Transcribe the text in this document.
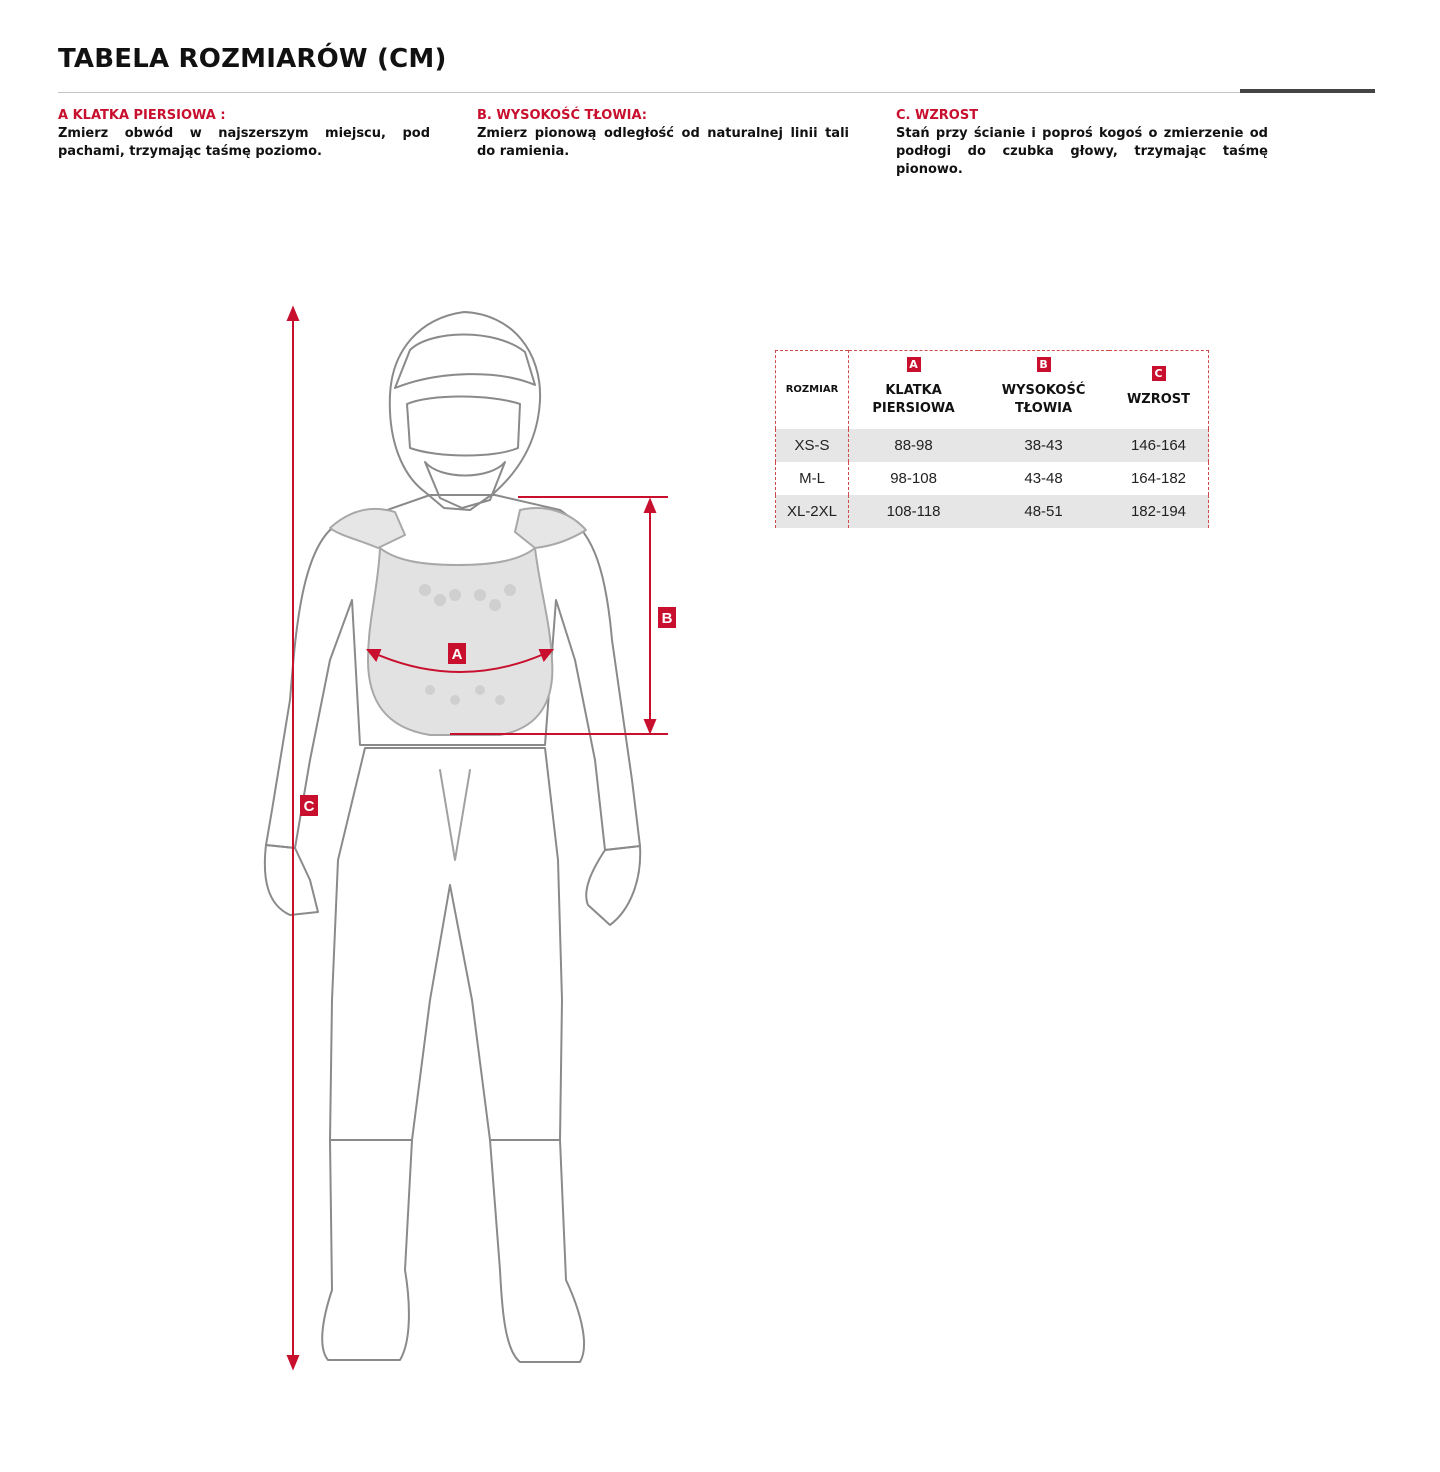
TABELA ROZMIARÓW (CM)
A KLATKA PIERSIOWA :

Zmierz obwód w najszerszym miejscu, pod pachami, trzymając taśmę poziomo.

B. WYSOKOŚĆ TŁOWIA:

Zmierz pionową odległość od naturalnej linii tali do ramienia.

C. WZROST

Stań przy ścianie i poproś kogoś o zmierzenie od podłogi do czubka głowy, trzymając taśmę pionowo.

A
B
C
ROZMIAR	A
KLATKA
PIERSIOWA	B
WYSOKOŚĆ
TŁOWIA	C
WZROST

XS-S	88-98	38-43	146-164
M-L	98-108	43-48	164-182
XL-2XL	108-118	48-51	182-194
